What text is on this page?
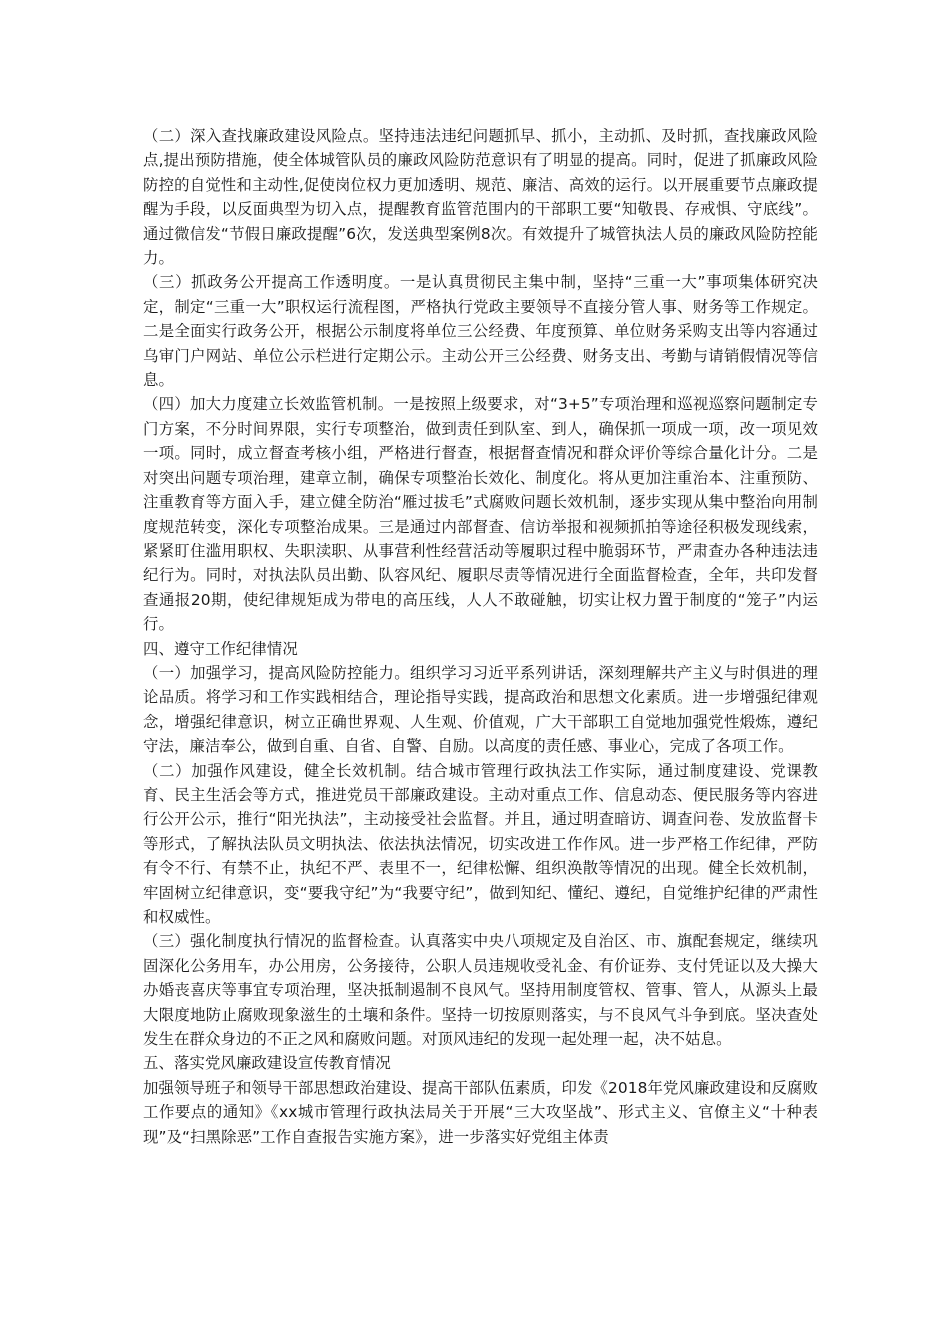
（二）深入查找廉政建设风险点。坚持违法违纪问题抓早、抓小，主动抓、及时抓，查找廉政风险点,提出预防措施，使全体城管队员的廉政风险防范意识有了明显的提高。同时，促进了抓廉政风险防控的自觉性和主动性,促使岗位权力更加透明、规范、廉洁、高效的运行。以开展重要节点廉政提醒为手段，以反面典型为切入点，提醒教育监管范围内的干部职工要“知敬畏、存戒惧、守底线”。通过微信发“节假日廉政提醒”6次，发送典型案例8次。有效提升了城管执法人员的廉政风险防控能力。

（三）抓政务公开提高工作透明度。一是认真贯彻民主集中制，坚持“三重一大”事项集体研究决定，制定“三重一大”职权运行流程图，严格执行党政主要领导不直接分管人事、财务等工作规定。二是全面实行政务公开，根据公示制度将单位三公经费、年度预算、单位财务采购支出等内容通过乌审门户网站、单位公示栏进行定期公示。主动公开三公经费、财务支出、考勤与请销假情况等信息。

（四）加大力度建立长效监管机制。一是按照上级要求，对“3+5”专项治理和巡视巡察问题制定专门方案，不分时间界限，实行专项整治，做到责任到队室、到人，确保抓一项成一项，改一项见效一项。同时，成立督查考核小组，严格进行督查，根据督查情况和群众评价等综合量化计分。二是对突出问题专项治理，建章立制，确保专项整治长效化、制度化。将从更加注重治本、注重预防、注重教育等方面入手，建立健全防治“雁过拔毛”式腐败问题长效机制，逐步实现从集中整治向用制度规范转变，深化专项整治成果。三是通过内部督查、信访举报和视频抓拍等途径积极发现线索，紧紧盯住滥用职权、失职渎职、从事营利性经营活动等履职过程中脆弱环节，严肃查办各种违法违纪行为。同时，对执法队员出勤、队容风纪、履职尽责等情况进行全面监督检查，全年，共印发督查通报20期，使纪律规矩成为带电的高压线，人人不敢碰触，切实让权力置于制度的“笼子”内运行。

四、遵守工作纪律情况

（一）加强学习，提高风险防控能力。组织学习习近平系列讲话，深刻理解共产主义与时俱进的理论品质。将学习和工作实践相结合，理论指导实践，提高政治和思想文化素质。进一步增强纪律观念，增强纪律意识，树立正确世界观、人生观、价值观，广大干部职工自觉地加强党性煅炼，遵纪守法，廉洁奉公，做到自重、自省、自警、自励。以高度的责任感、事业心，完成了各项工作。

（二）加强作风建设，健全长效机制。结合城市管理行政执法工作实际，通过制度建设、党课教育、民主生活会等方式，推进党员干部廉政建设。主动对重点工作、信息动态、便民服务等内容进行公开公示，推行“阳光执法”，主动接受社会监督。并且，通过明查暗访、调查问卷、发放监督卡等形式，了解执法队员文明执法、依法执法情况，切实改进工作作风。进一步严格工作纪律，严防有令不行、有禁不止，执纪不严、表里不一，纪律松懈、组织涣散等情况的出现。健全长效机制，牢固树立纪律意识，变“要我守纪”为“我要守纪”，做到知纪、懂纪、遵纪，自觉维护纪律的严肃性和权威性。

（三）强化制度执行情况的监督检查。认真落实中央八项规定及自治区、市、旗配套规定，继续巩固深化公务用车，办公用房，公务接待，公职人员违规收受礼金、有价证券、支付凭证以及大操大办婚丧喜庆等事宜专项治理，坚决抵制遏制不良风气。坚持用制度管权、管事、管人，从源头上最大限度地防止腐败现象滋生的土壤和条件。坚持一切按原则落实，与不良风气斗争到底。坚决查处发生在群众身边的不正之风和腐败问题。对顶风违纪的发现一起处理一起，决不姑息。

五、落实党风廉政建设宣传教育情况

加强领导班子和领导干部思想政治建设、提高干部队伍素质，印发《2018年党风廉政建设和反腐败工作要点的通知》《xx城市管理行政执法局关于开展“三大攻坚战”、形式主义、官僚主义“十种表现”及“扫黑除恶”工作自查报告实施方案》，进一步落实好党组主体责
